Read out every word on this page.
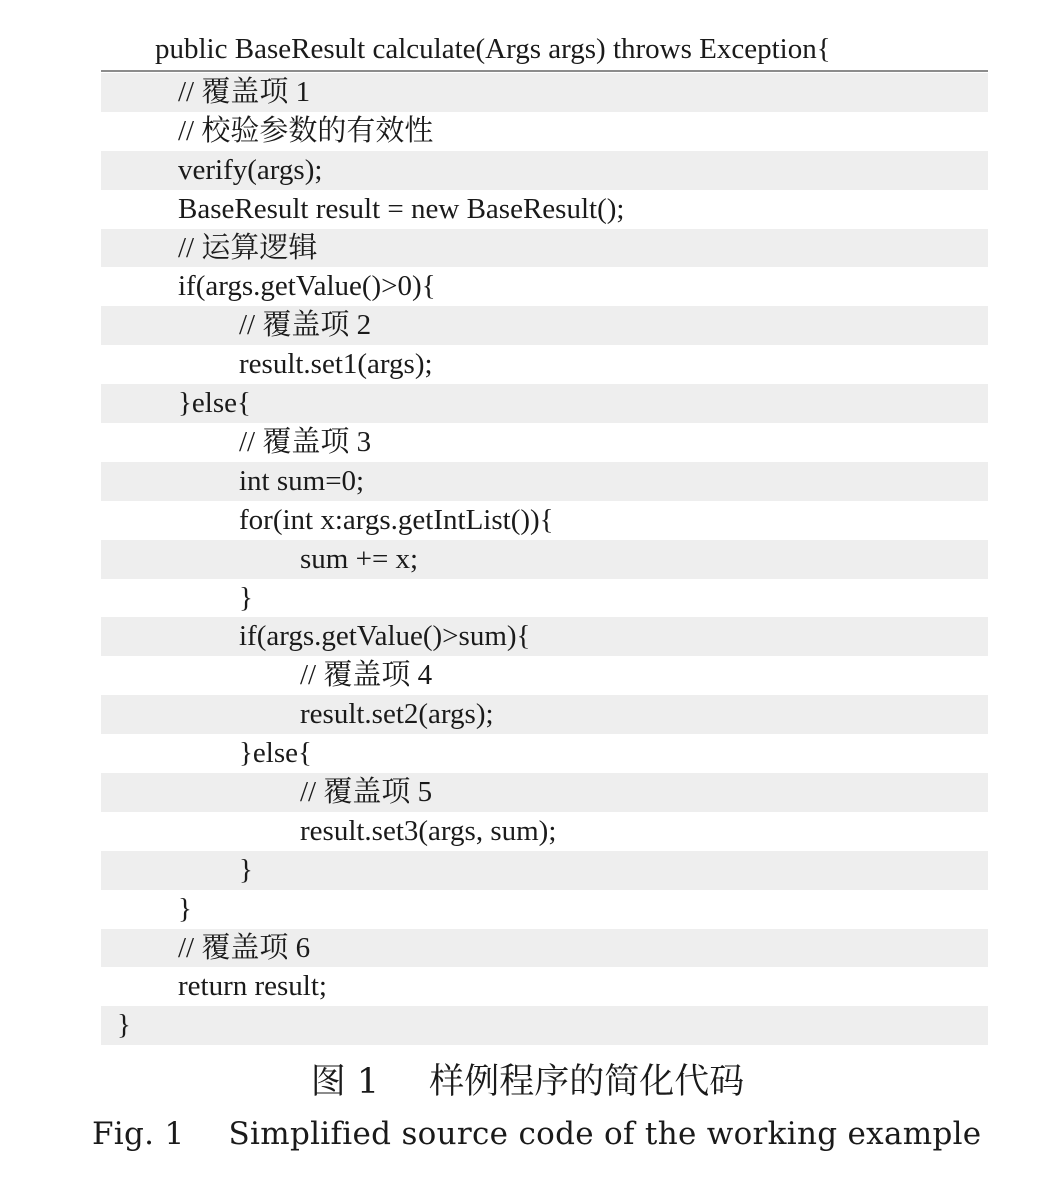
public BaseResult calculate(Args args) throws Exception{
// 覆盖项 1
// 校验参数的有效性
verify(args);
BaseResult result = new BaseResult();
// 运算逻辑
if(args.getValue()>0){
// 覆盖项 2
result.set1(args);
}else{
// 覆盖项 3
int sum=0;
for(int x:args.getIntList()){
sum += x;
}
if(args.getValue()>sum){
// 覆盖项 4
result.set2(args);
}else{
// 覆盖项 5
result.set3(args, sum);
}
}
// 覆盖项 6
return result;
}
图 1 样例程序的简化代码
Fig. 1 Simplified source code of the working example
